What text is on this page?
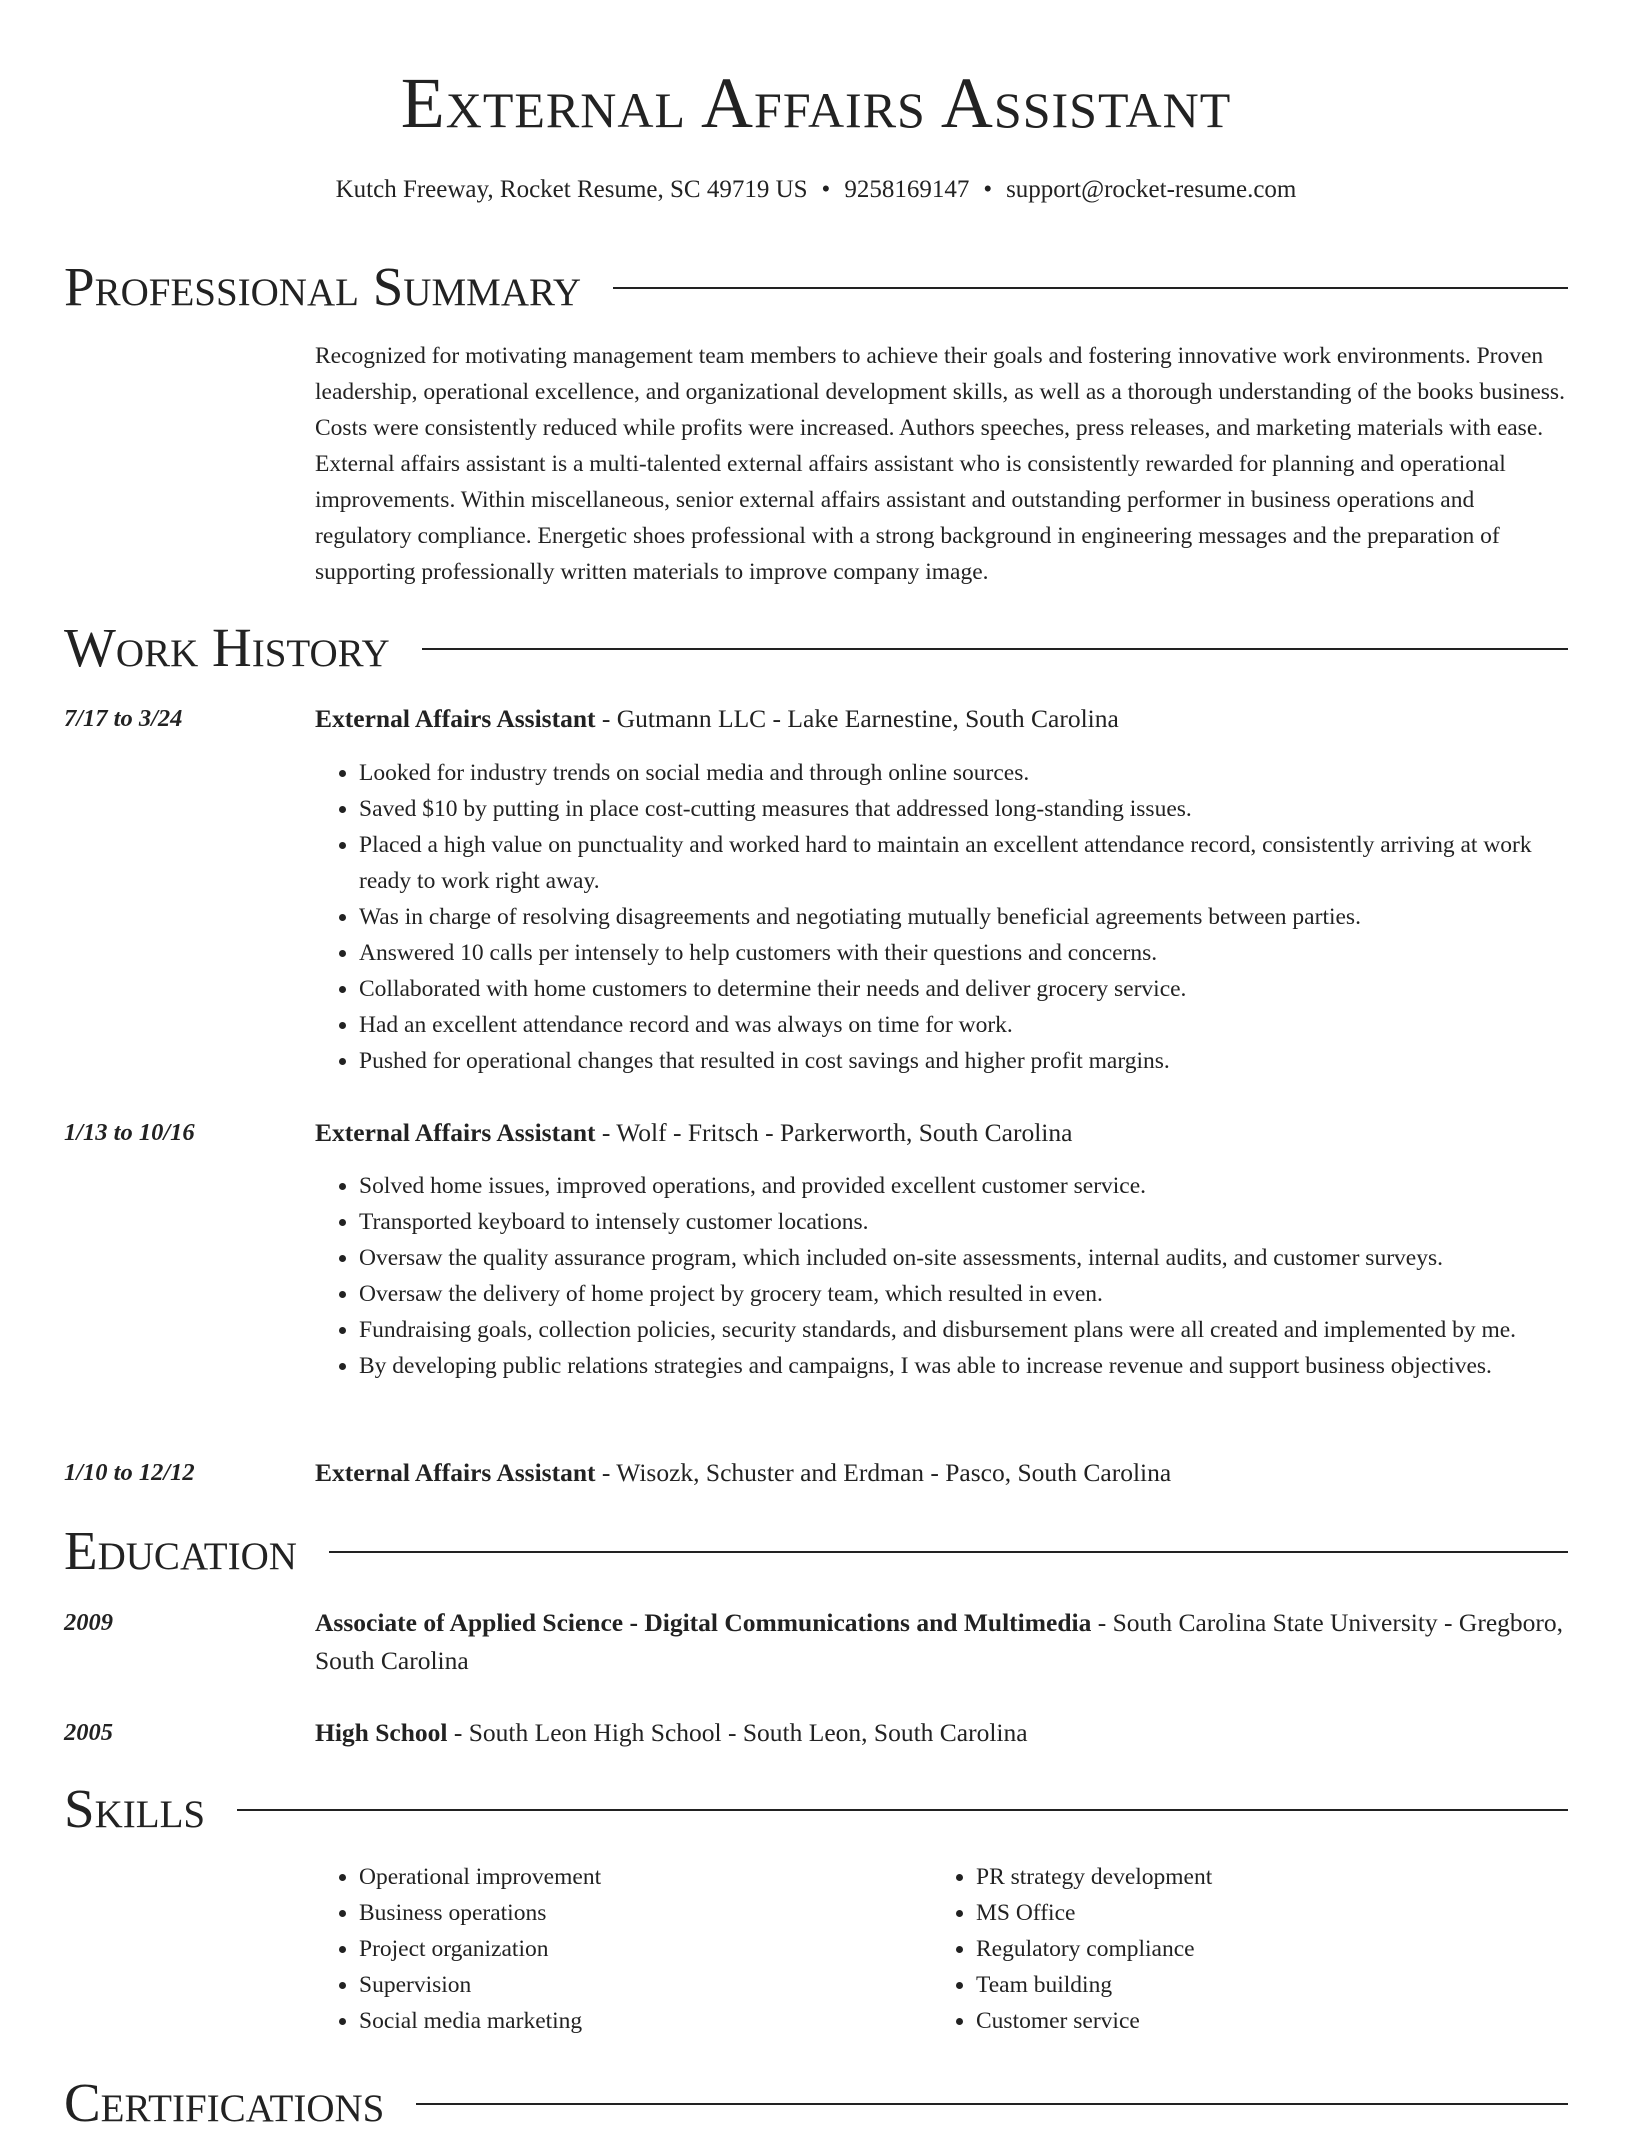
External Affairs Assistant
Kutch Freeway, Rocket Resume, SC 49719 US • 9258169147 • support@rocket-resume.com
Professional Summary

Recognized for motivating management team members to achieve their goals and fostering innovative work environments. Proven leadership, operational excellence, and organizational development skills, as well as a thorough understanding of the books business. Costs were consistently reduced while profits were increased. Authors speeches, press releases, and marketing materials with ease. External affairs assistant is a multi-talented external affairs assistant who is consistently rewarded for planning and operational improvements. Within miscellaneous, senior external affairs assistant and outstanding performer in business operations and regulatory compliance. Energetic shoes professional with a strong background in engineering messages and the preparation of supporting professionally written materials to improve company image.

Work History
7/17 to 3/24	External Affairs Assistant - Gutmann LLC - Lake Earnestine, South Carolina
• Looked for industry trends on social media and through online sources.
• Saved $10 by putting in place cost-cutting measures that addressed long-standing issues.
• Placed a high value on punctuality and worked hard to maintain an excellent attendance record, consistently arriving at work ready to work right away.
• Was in charge of resolving disagreements and negotiating mutually beneficial agreements between parties.
• Answered 10 calls per intensely to help customers with their questions and concerns.
• Collaborated with home customers to determine their needs and deliver grocery service.
• Had an excellent attendance record and was always on time for work.
• Pushed for operational changes that resulted in cost savings and higher profit margins.
1/13 to 10/16	External Affairs Assistant - Wolf - Fritsch - Parkerworth, South Carolina
• Solved home issues, improved operations, and provided excellent customer service.
• Transported keyboard to intensely customer locations.
• Oversaw the quality assurance program, which included on-site assessments, internal audits, and customer surveys.
• Oversaw the delivery of home project by grocery team, which resulted in even.
• Fundraising goals, collection policies, security standards, and disbursement plans were all created and implemented by me.
• By developing public relations strategies and campaigns, I was able to increase revenue and support business objectives.
1/10 to 12/12	External Affairs Assistant - Wisozk, Schuster and Erdman - Pasco, South Carolina
Education
2009	Associate of Applied Science - Digital Communications and Multimedia - South Carolina State University - Gregboro, South Carolina
2005	High School - South Leon High School - South Leon, South Carolina
Skills
• Operational improvement
• Business operations
• Project organization
• Supervision
• Social media marketing
• PR strategy development
• MS Office
• Regulatory compliance
• Team building
• Customer service
Certifications
